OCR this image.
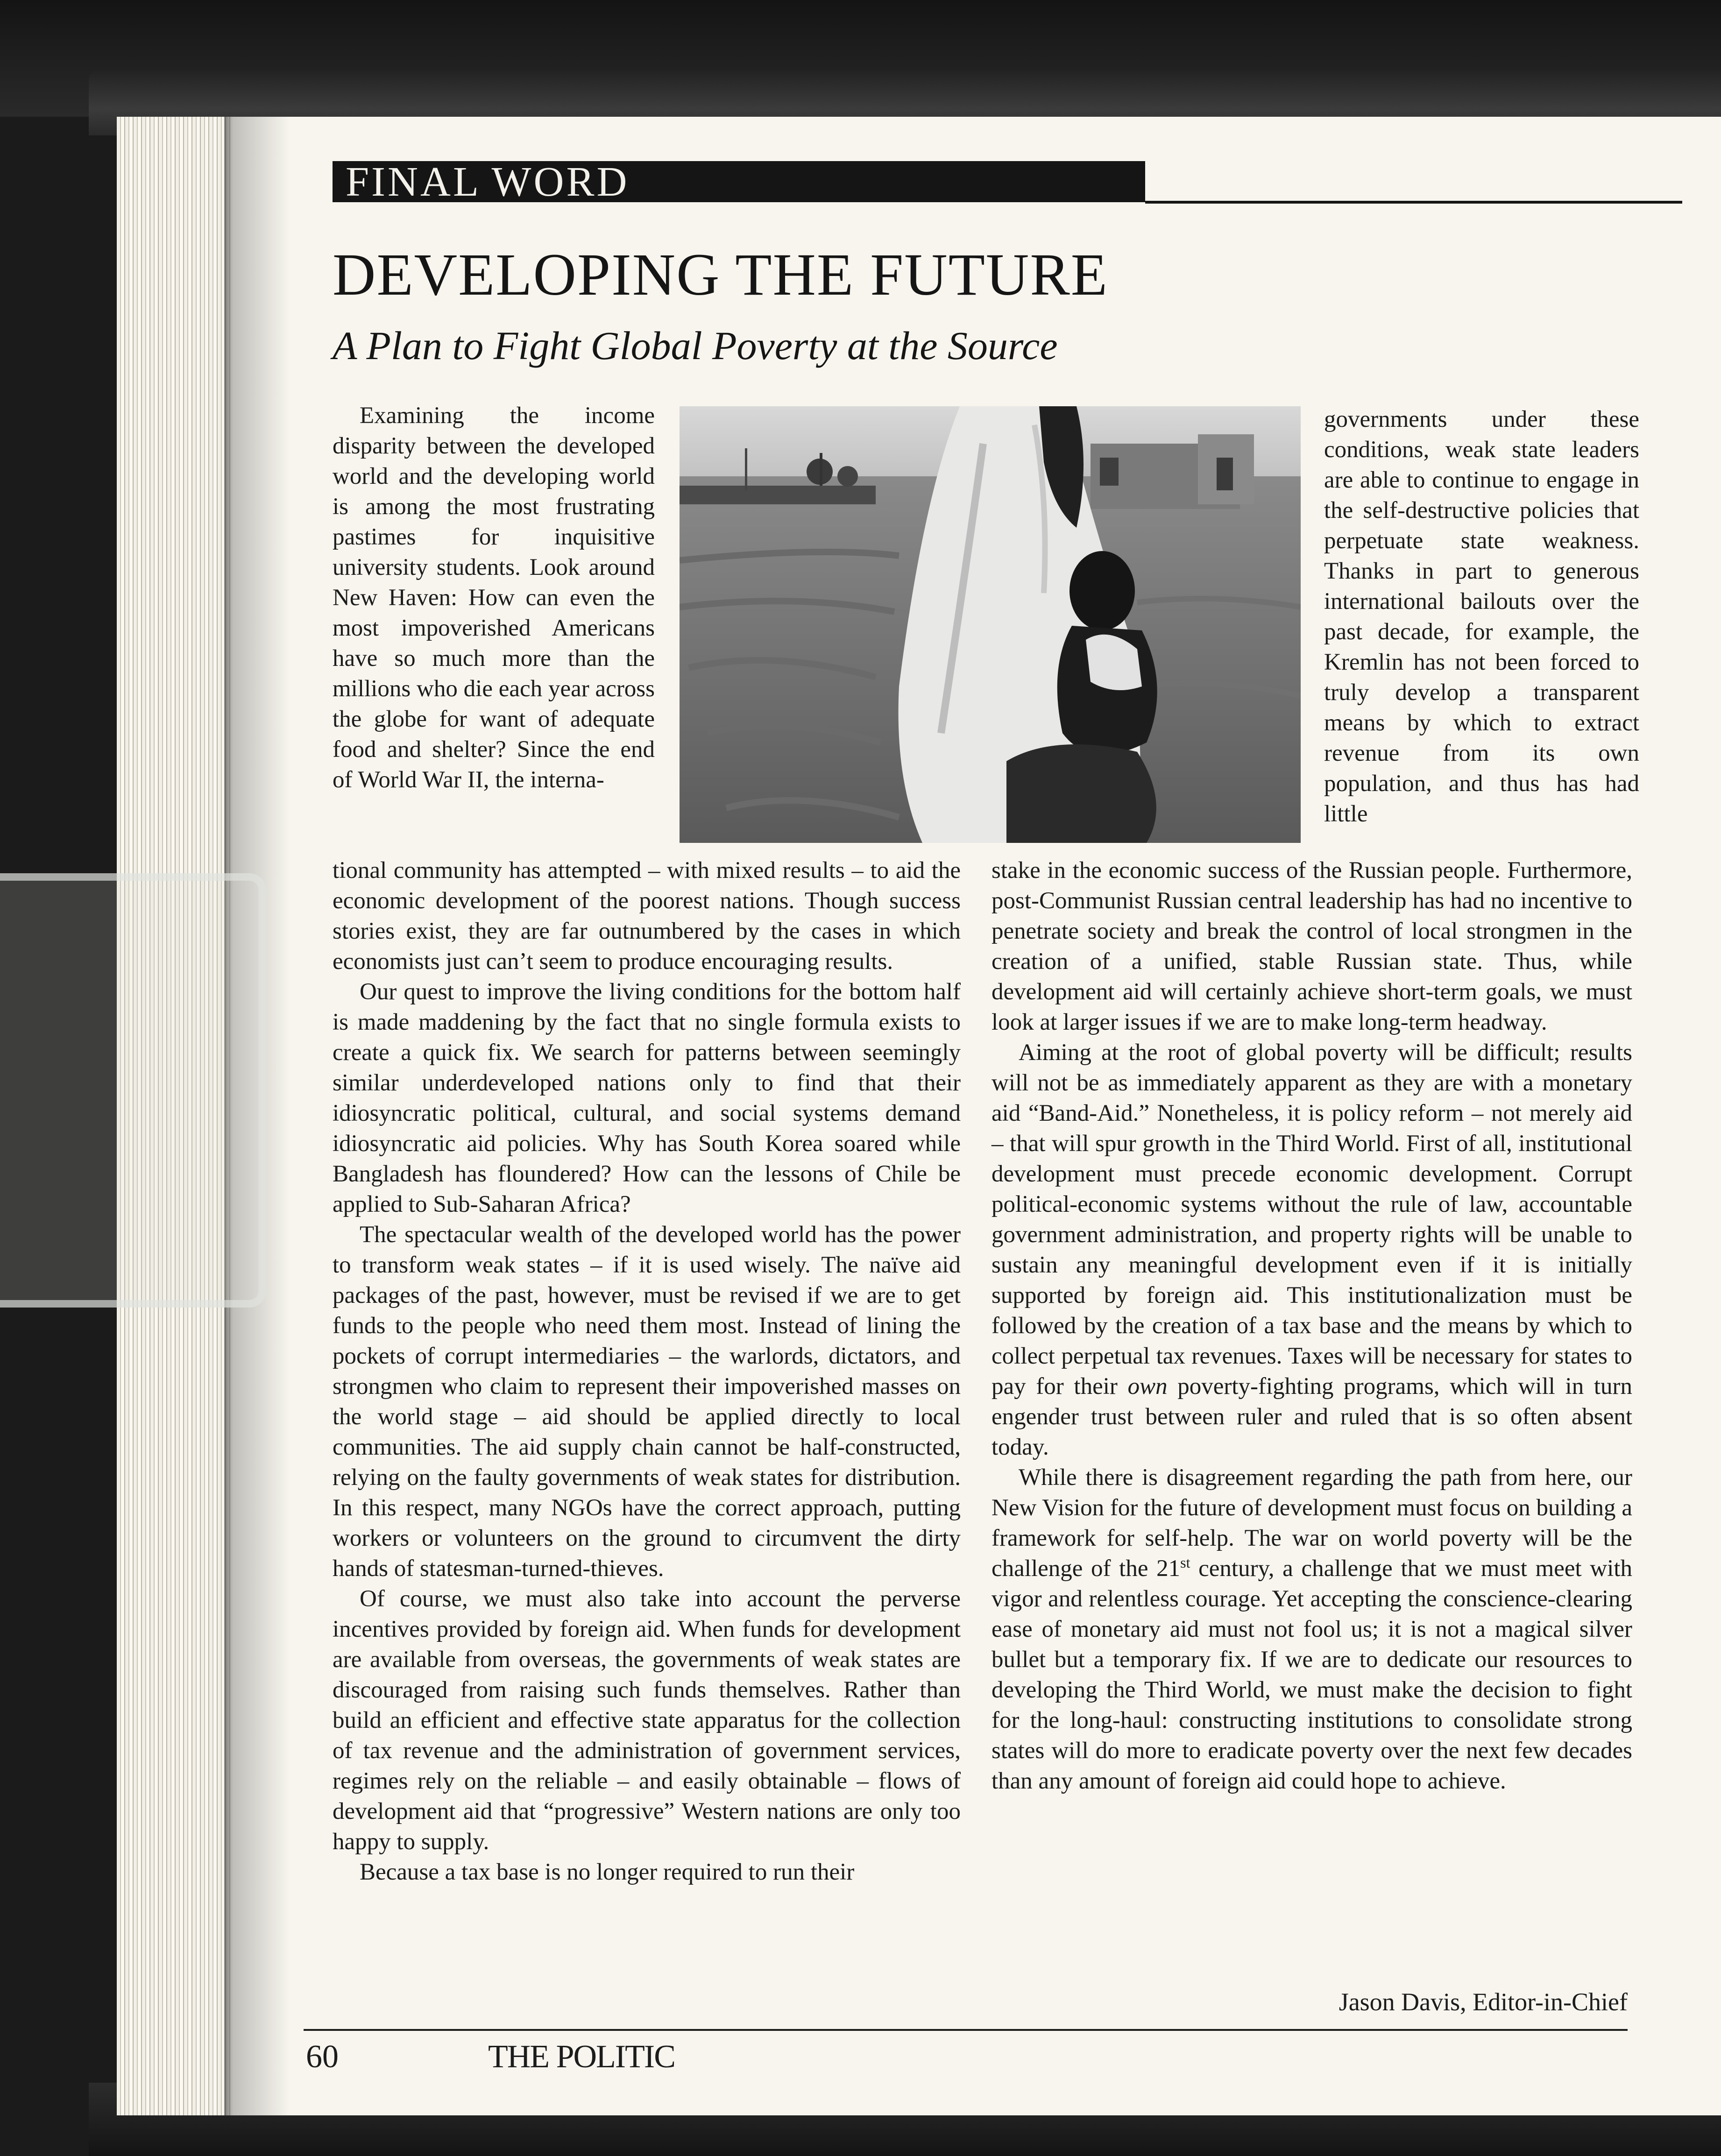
FINAL WORD
DEVELOPING THE FUTURE
A Plan to Fight Global Poverty at the Source

Examining the income disparity between the developed world and the developing world is among the most frustrating pastimes for inquisitive university students. Look around New Haven: How can even the most impoverished Americans have so much more than the millions who die each year across the globe for want of adequate food and shelter? Since the end of World War II, the interna-

tional community has attempted – with mixed results – to aid the economic development of the poorest nations. Though success stories exist, they are far outnumbered by the cases in which economists just can’t seem to produce encouraging results.

Our quest to improve the living conditions for the bottom half is made maddening by the fact that no single formula exists to create a quick fix. We search for patterns between seemingly similar underdeveloped nations only to find that their idiosyncratic political, cultural, and social systems demand idiosyncratic aid policies. Why has South Korea soared while Bangladesh has floundered? How can the lessons of Chile be applied to Sub-Saharan Africa?

The spectacular wealth of the developed world has the power to transform weak states – if it is used wisely. The naïve aid packages of the past, however, must be revised if we are to get funds to the people who need them most. Instead of lining the pockets of corrupt intermediaries – the warlords, dictators, and strongmen who claim to represent their impoverished masses on the world stage – aid should be applied directly to local communities. The aid supply chain cannot be half-constructed, relying on the faulty governments of weak states for distribution. In this respect, many NGOs have the correct approach, putting workers or volunteers on the ground to circumvent the dirty hands of statesman-turned-thieves.

Of course, we must also take into account the perverse incentives provided by foreign aid. When funds for development are available from overseas, the governments of weak states are discouraged from raising such funds themselves. Rather than build an efficient and effective state apparatus for the collection of tax revenue and the administration of government services, regimes rely on the reliable – and easily obtainable – flows of development aid that “progressive” Western nations are only too happy to supply.

Because a tax base is no longer required to run their

governments under these conditions, weak state leaders are able to continue to engage in the self-destructive policies that perpetuate state weakness. Thanks in part to generous international bailouts over the past decade, for example, the Kremlin has not been forced to truly develop a transparent means by which to extract revenue from its own population, and thus has had little

stake in the economic success of the Russian people. Furthermore, post-Communist Russian central leadership has had no incentive to penetrate society and break the control of local strongmen in the creation of a unified, stable Russian state. Thus, while development aid will certainly achieve short-term goals, we must look at larger issues if we are to make long-term headway.

Aiming at the root of global poverty will be difficult; results will not be as immediately apparent as they are with a monetary aid “Band-Aid.” Nonetheless, it is policy reform – not merely aid – that will spur growth in the Third World. First of all, institutional development must precede economic development. Corrupt political-economic systems without the rule of law, accountable government administration, and property rights will be unable to sustain any meaningful development even if it is initially supported by foreign aid. This institutionalization must be followed by the creation of a tax base and the means by which to collect perpetual tax revenues. Taxes will be necessary for states to pay for their own poverty-fighting programs, which will in turn engender trust between ruler and ruled that is so often absent today.

While there is disagreement regarding the path from here, our New Vision for the future of development must focus on building a framework for self-help. The war on world poverty will be the challenge of the 21st century, a challenge that we must meet with vigor and relentless courage. Yet accepting the conscience-clearing ease of monetary aid must not fool us; it is not a magical silver bullet but a temporary fix. If we are to dedicate our resources to developing the Third World, we must make the decision to fight for the long-haul: constructing institutions to consolidate strong states will do more to eradicate poverty over the next few decades than any amount of foreign aid could hope to achieve.

Jason Davis, Editor-in-Chief
60	THE POLITIC
